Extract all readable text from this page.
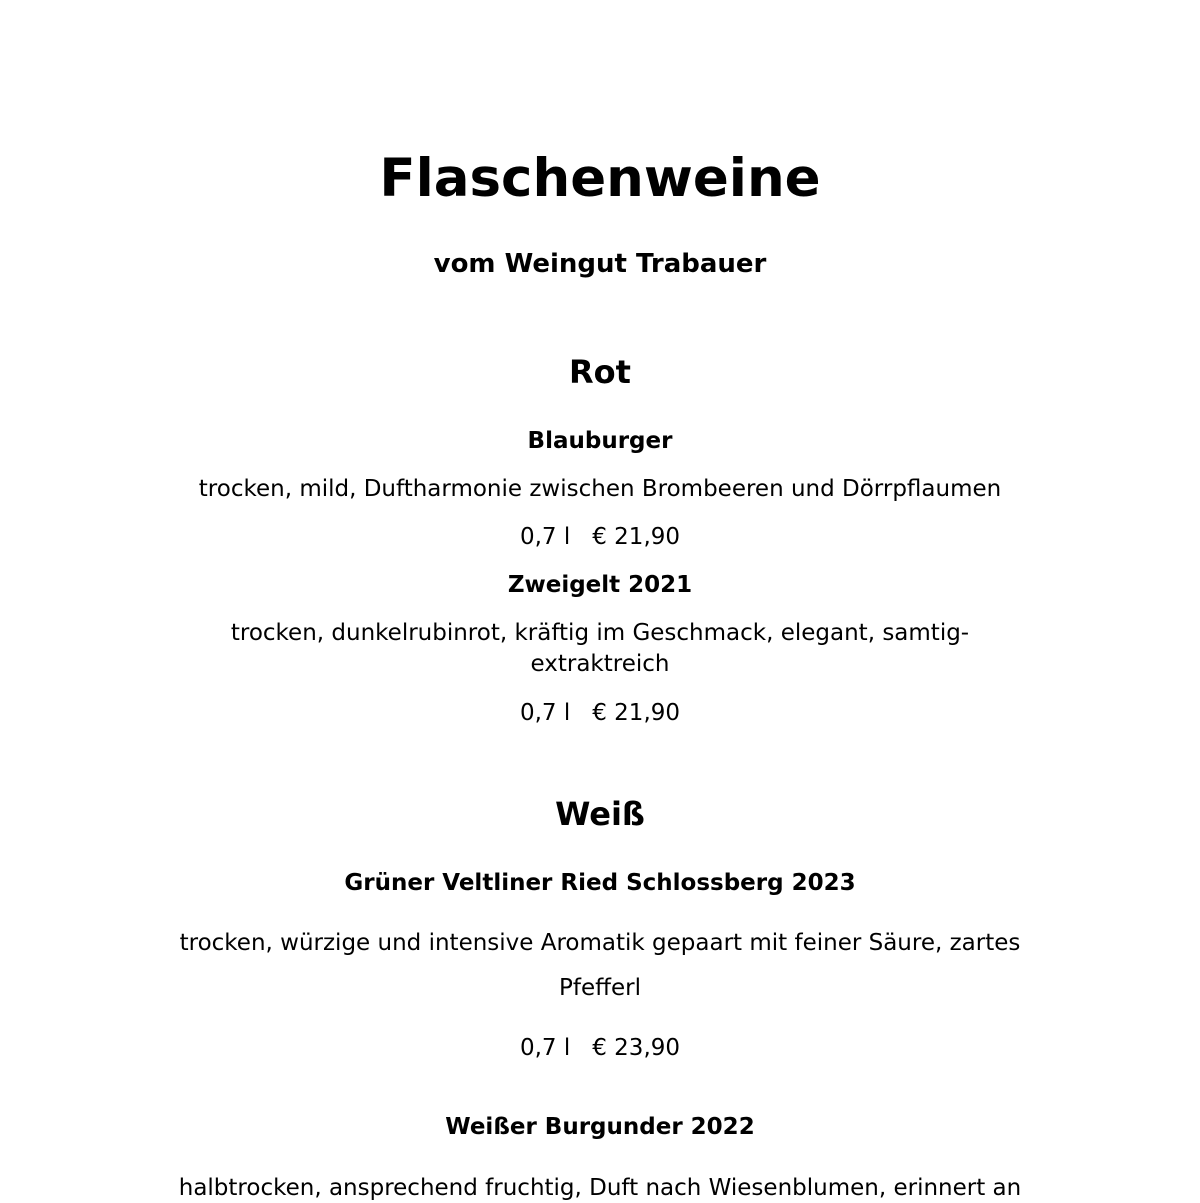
Flaschenweine
vom Weingut Trabauer
Rot
Blauburger
trocken, mild, Duftharmonie zwischen Brombeeren und Dörrpflaumen
0,7 l € 21,90
Zweigelt 2021
trocken, dunkelrubinrot, kräftig im Geschmack, elegant, samtig-
extraktreich
0,7 l € 21,90
Weiß
Grüner Veltliner Ried Schlossberg 2023
trocken, würzige und intensive Aromatik gepaart mit feiner Säure, zartes
Pfefferl
0,7 l € 23,90
Weißer Burgunder 2022
halbtrocken, ansprechend fruchtig, Duft nach Wiesenblumen, erinnert an
